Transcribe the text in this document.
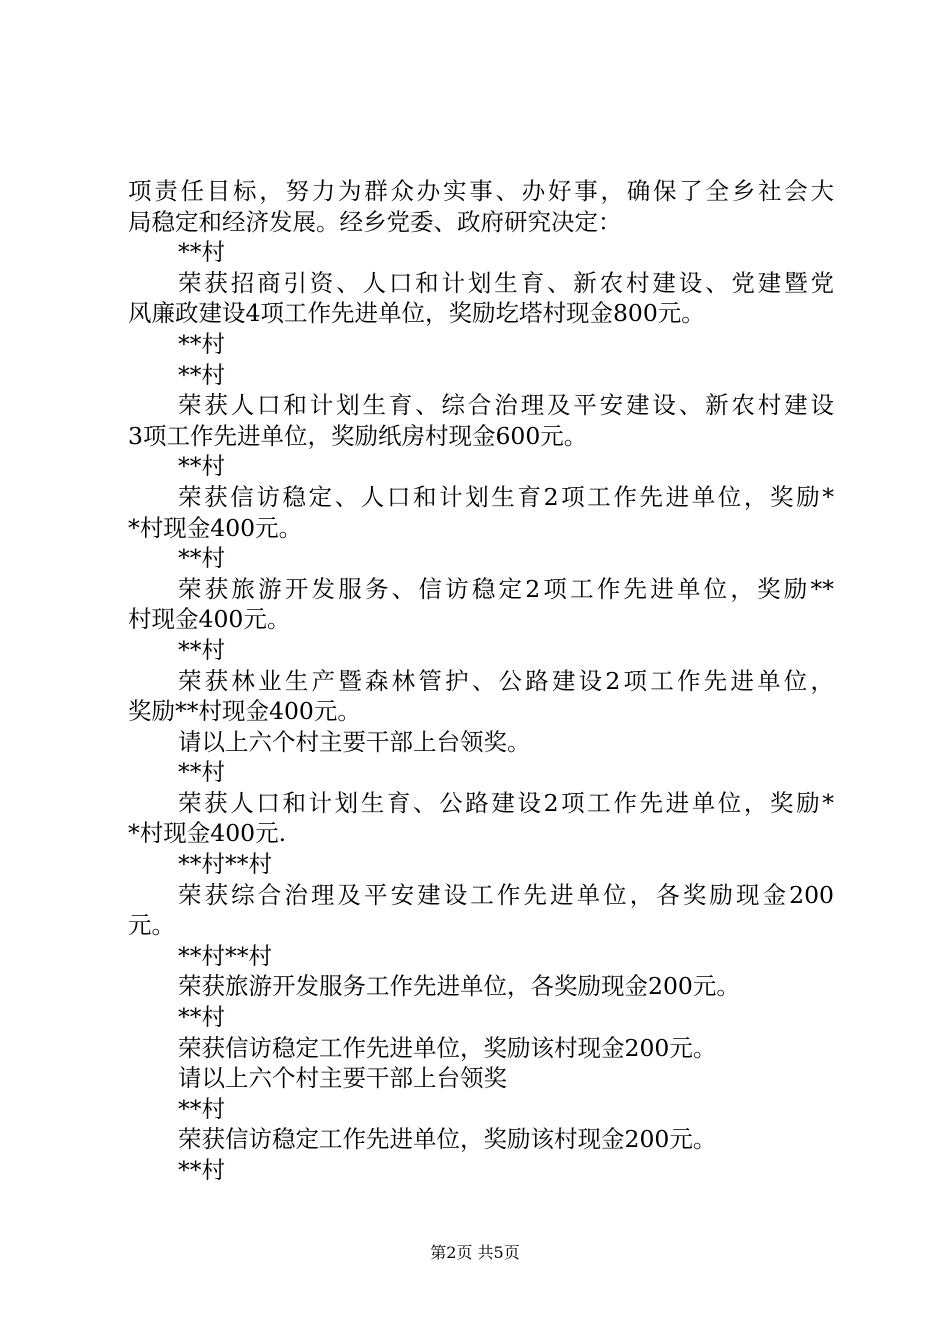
项责任目标，努力为群众办实事、办好事，确保了全乡社会大
局稳定和经济发展。经乡党委、政府研究决定：
**村
荣获招商引资、人口和计划生育、新农村建设、党建暨党
风廉政建设4项工作先进单位，奖励圪塔村现金800元。
**村
**村
荣获人口和计划生育、综合治理及平安建设、新农村建设
3项工作先进单位，奖励纸房村现金600元。
**村
荣获信访稳定、人口和计划生育2项工作先进单位，奖励*
*村现金400元。
**村
荣获旅游开发服务、信访稳定2项工作先进单位，奖励**
村现金400元。
**村
荣获林业生产暨森林管护、公路建设2项工作先进单位，
奖励**村现金400元。
请以上六个村主要干部上台领奖。
**村
荣获人口和计划生育、公路建设2项工作先进单位，奖励*
*村现金400元.
**村**村
荣获综合治理及平安建设工作先进单位，各奖励现金200
元。
**村**村
荣获旅游开发服务工作先进单位，各奖励现金200元。
**村
荣获信访稳定工作先进单位，奖励该村现金200元。
请以上六个村主要干部上台领奖
**村
荣获信访稳定工作先进单位，奖励该村现金200元。
**村
第2页 共5页
